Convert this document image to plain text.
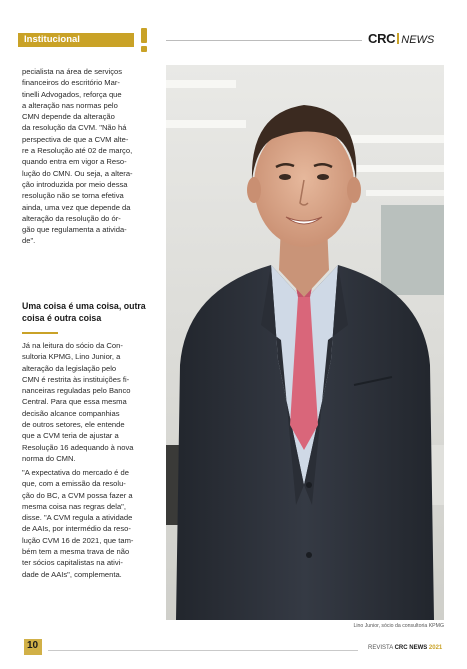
Institucional	CRC NEWS
pecialista na área de serviços
financeiros do escritório Mar-
tinelli Advogados, reforça que
a alteração nas normas pelo
CMN depende da alteração
da resolução da CVM. "Não há
perspectiva de que a CVM alte-
re a Resolução até 02 de março,
quando entra em vigor a Reso-
lução do CMN. Ou seja, a altera-
ção introduzida por meio dessa
resolução não se torna efetiva
ainda, uma vez que depende da
alteração da resolução do ór-
gão que regulamenta a ativida-
de".
Uma coisa é uma coisa, outra coisa é outra coisa
Já na leitura do sócio da Con-
sultoria KPMG, Lino Junior, a
alteração da legislação pelo
CMN é restrita às instituições fi-
nanceiras reguladas pelo Banco
Central. Para que essa mesma
decisão alcance companhias
de outros setores, ele entende
que a CVM teria de ajustar a
Resolução 16 adequando à nova
norma do CMN.
"A expectativa do mercado é de
que, com a emissão da resolu-
ção do BC, a CVM possa fazer a
mesma coisa nas regras dela",
disse. "A CVM regula a atividade
de AAIs, por intermédio da reso-
lução CVM 16 de 2021, que tam-
bém tem a mesma trava de não
ter sócios capitalistas na ativi-
dade de AAIs", complementa.
Lino Junior, sócio da consultoria KPMG
10	REVISTA CRC NEWS 2021
